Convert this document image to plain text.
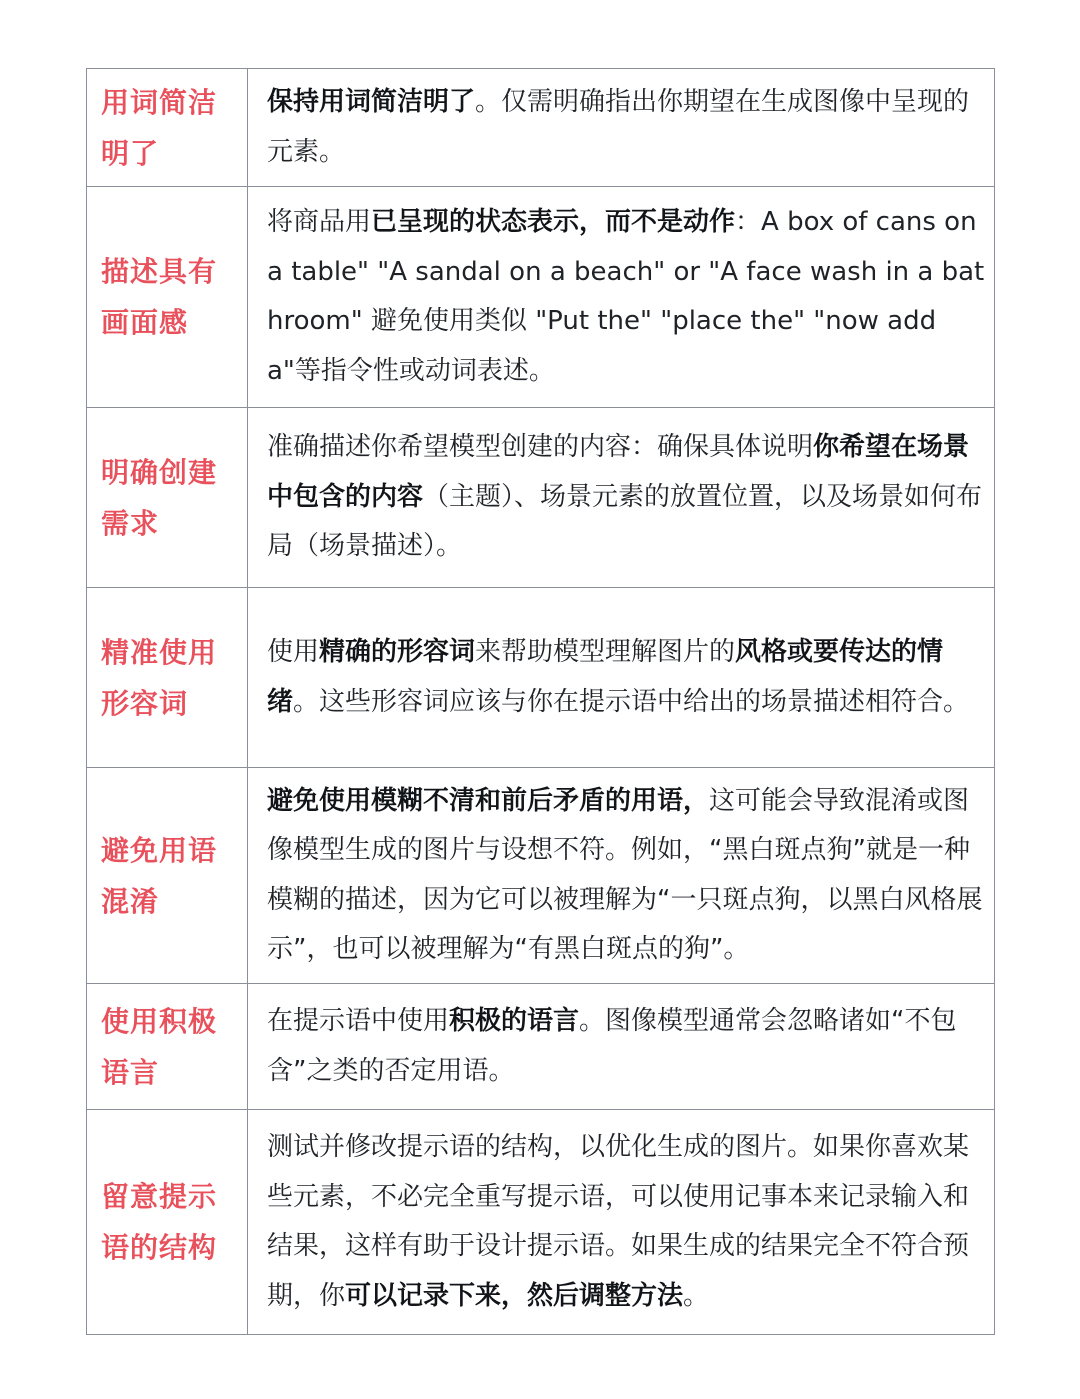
用词简洁明了	保持用词简洁明了。仅需明确指出你期望在生成图像中呈现的元素。

描述具有画面感	将商品用已呈现的状态表示，而不是动作：A box of cans on a table" "A sandal on a beach" or "A face wash in a bathroom" 避免使用类似 "Put the" "place the" "now add a"等指令性或动词表述。

明确创建需求	准确描述你希望模型创建的内容：确保具体说明你希望在场景中包含的内容（主题）、场景元素的放置位置，以及场景如何布局（场景描述）。

精准使用形容词	使用精确的形容词来帮助模型理解图片的风格或要传达的情绪。这些形容词应该与你在提示语中给出的场景描述相符合。

避免用语混淆	避免使用模糊不清和前后矛盾的用语，这可能会导致混淆或图像模型生成的图片与设想不符。例如，“黑白斑点狗”就是一种模糊的描述，因为它可以被理解为“一只斑点狗，以黑白风格展示”，也可以被理解为“有黑白斑点的狗”。

使用积极语言	在提示语中使用积极的语言。图像模型通常会忽略诸如“不包含”之类的否定用语。

留意提示语的结构	测试并修改提示语的结构，以优化生成的图片。如果你喜欢某些元素，不必完全重写提示语，可以使用记事本来记录输入和结果，这样有助于设计提示语。如果生成的结果完全不符合预期，你可以记录下来，然后调整方法。
